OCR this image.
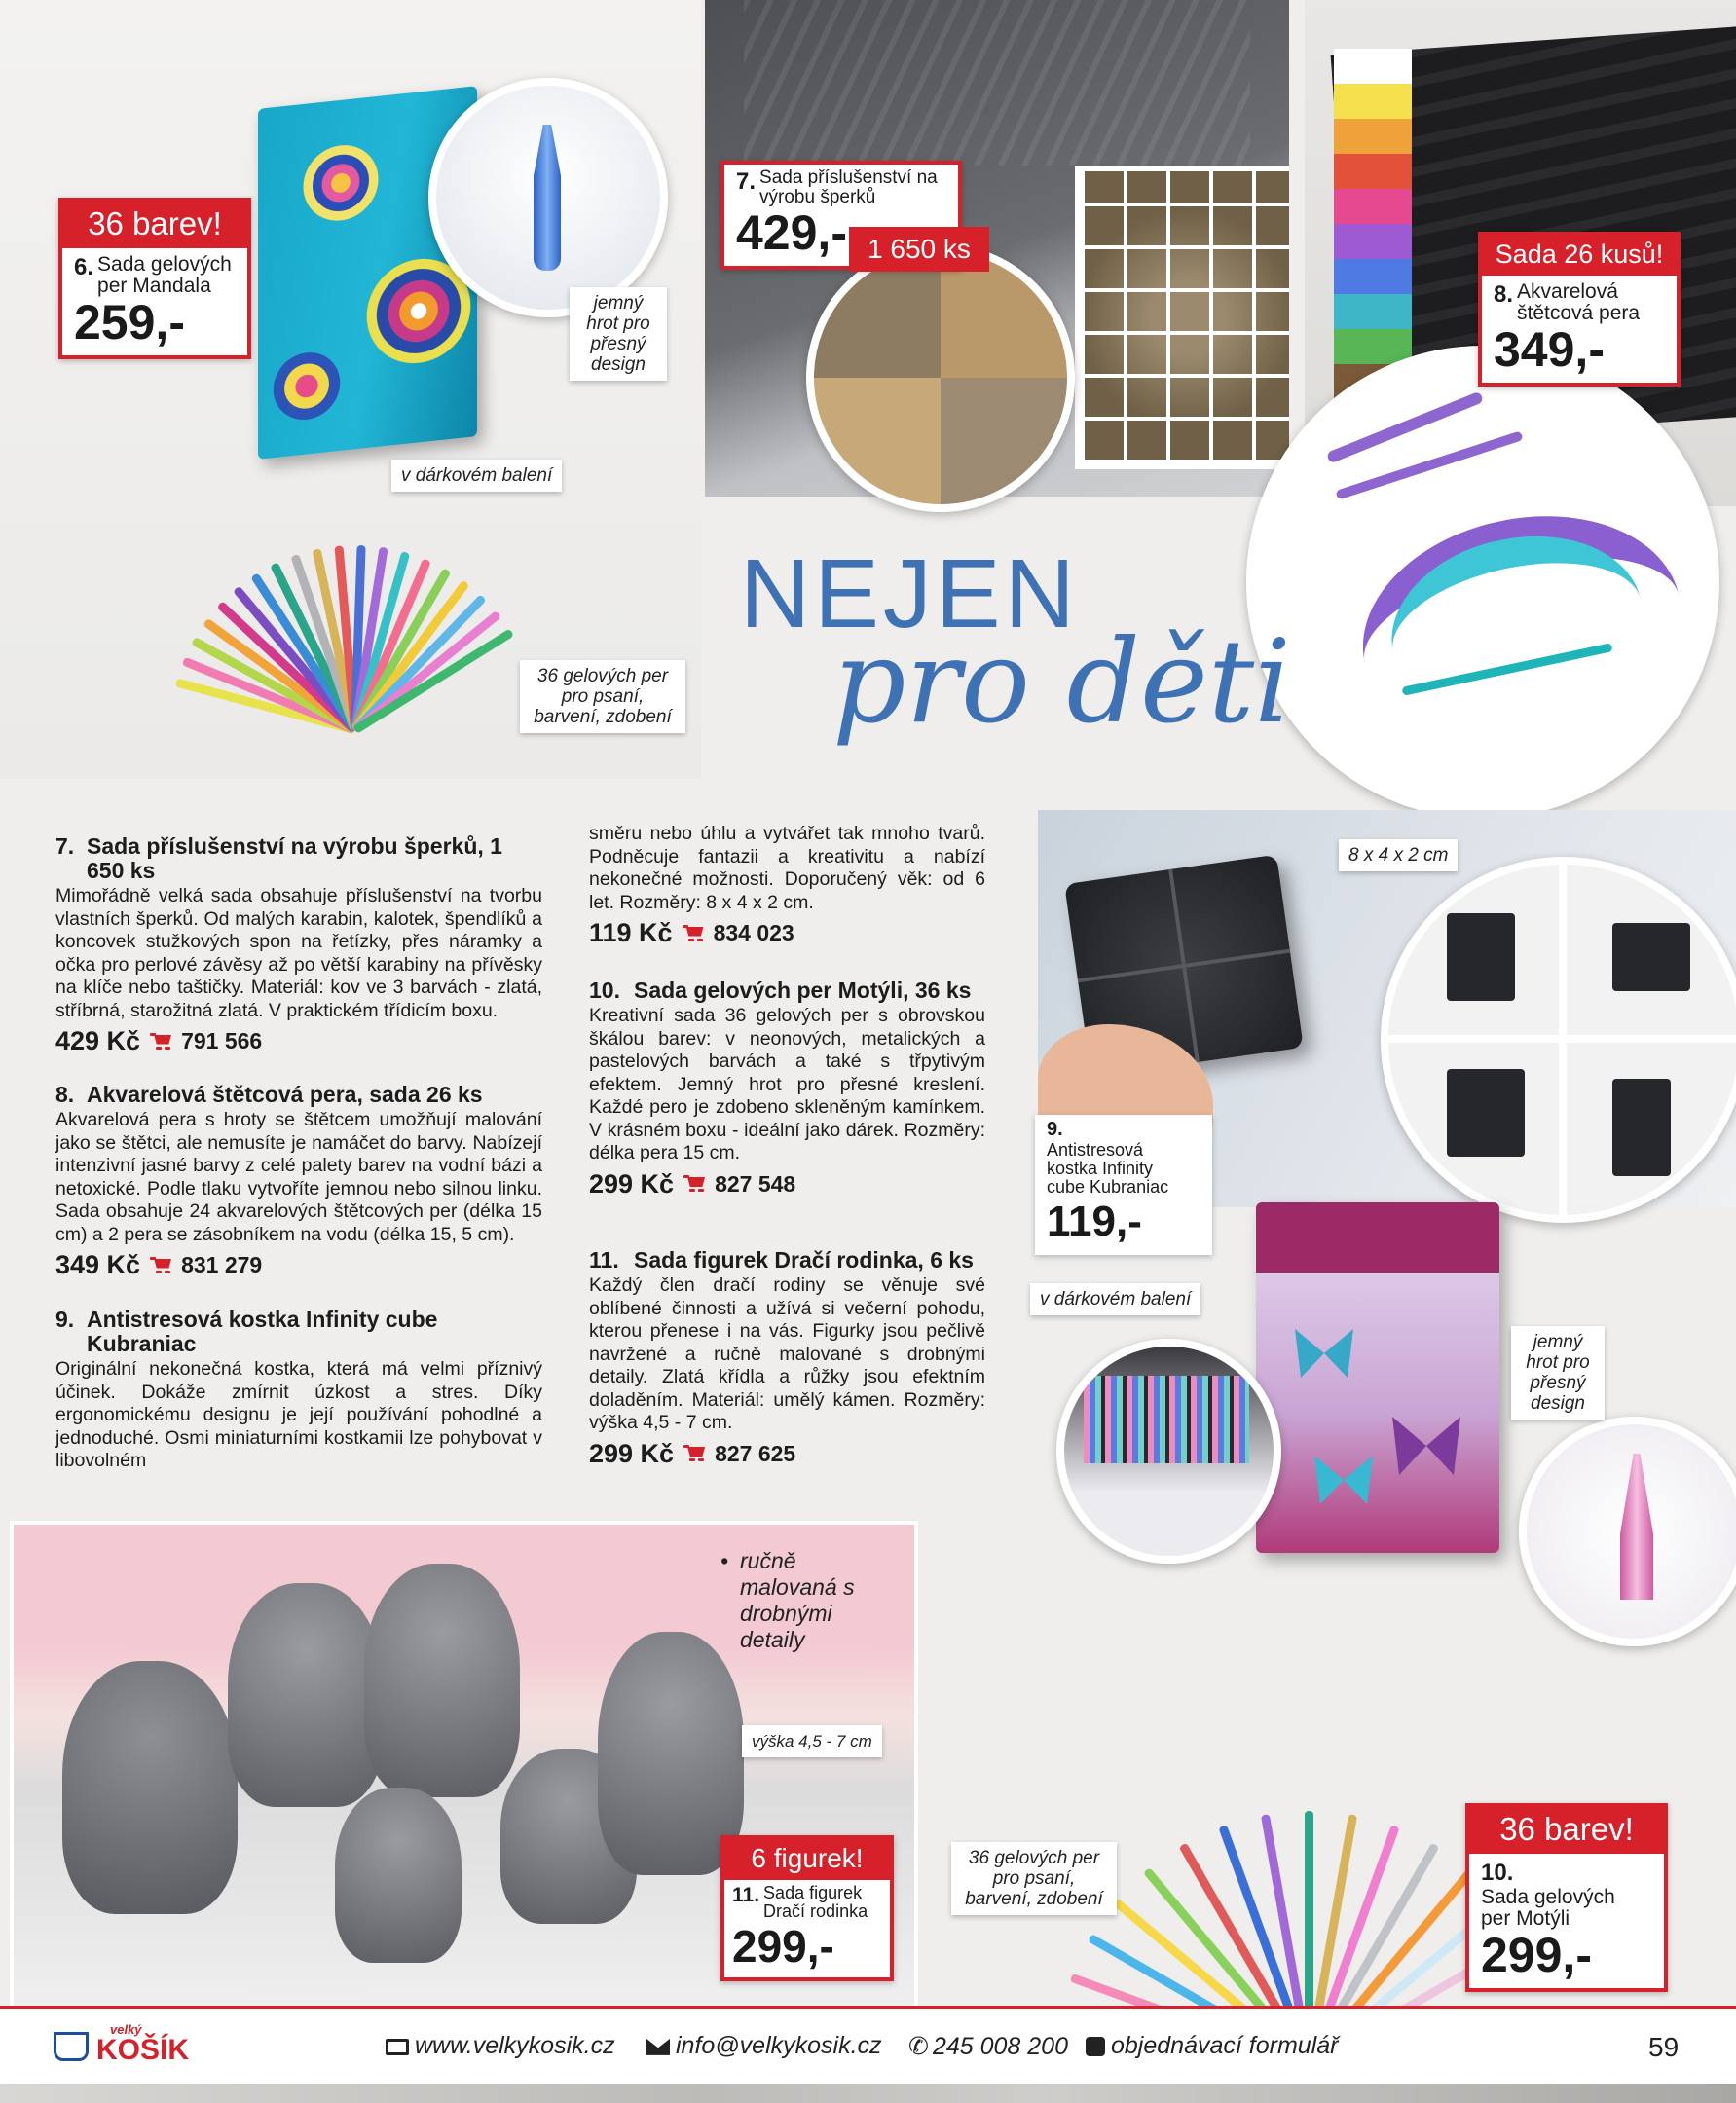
jemný hrot pro přesný design
v dárkovém balení
36 gelových per pro psaní, barvení, zdobení
36 barev!
6. Sada gelových per Mandala
259,-
7. Sada příslušenství na výrobu šperků
429,- 1 650 ks	Sada 26 kusů!
8. Akvarelová štětcová pera
349,-
NEJEN
pro děti
7. Sada příslušenství na výrobu šperků, 1 650 ks

Mimořádně velká sada obsahuje příslušenství na tvorbu vlastních šperků. Od malých karabin, kalotek, špendlíků a koncovek stužkových spon na řetízky, přes náramky a očka pro perlové závěsy až po větší karabiny na přívěsky na klíče nebo taštičky. Materiál: kov ve 3 barvách - zlatá, stříbrná, starožitná zlatá. V praktickém třídicím boxu.

429 Kč 791 566
8. Akvarelová štětcová pera, sada 26 ks

Akvarelová pera s hroty se štětcem umožňují malování jako se štětci, ale nemusíte je namáčet do barvy. Nabízejí intenzivní jasné barvy z celé palety barev na vodní bázi a netoxické. Podle tlaku vytvoříte jemnou nebo silnou linku. Sada obsahuje 24 akvarelových štětcových per (délka 15 cm) a 2 pera se zásobníkem na vodu (délka 15, 5 cm).

349 Kč 831 279
9. Antistresová kostka Infinity cube Kubraniac

Originální nekonečná kostka, která má velmi příznivý účinek. Dokáže zmírnit úzkost a stres. Díky ergonomickému designu je její používání pohodlné a jednoduché. Osmi miniaturními kostkamii lze pohybovat v libovolném

směru nebo úhlu a vytvářet tak mnoho tvarů. Podněcuje fantazii a kreativitu a nabízí nekonečné možnosti. Doporučený věk: od 6 let. Rozměry: 8 x 4 x 2 cm.

119 Kč 834 023
10. Sada gelových per Motýli, 36 ks

Kreativní sada 36 gelových per s obrovskou škálou barev: v neonových, metalických a pastelových barvách a také s třpytivým efektem. Jemný hrot pro přesné kreslení. Každé pero je zdobeno skleněným kamínkem. V krásném boxu - ideální jako dárek. Rozměry: délka pera 15 cm.

299 Kč 827 548
11. Sada figurek Dračí rodinka, 6 ks

Každý člen dračí rodiny se věnuje své oblíbené činnosti a užívá si večerní pohodu, kterou přenese i na vás. Figurky jsou pečlivě navržené a ručně malované s drobnými detaily. Zlatá křídla a růžky jsou efektním doladěním. Materiál: umělý kámen. Rozměry: výška 4,5 - 7 cm.

299 Kč 827 625
8 x 4 x 2 cm
9.Antistresová kostka Infinity cube Kubraniac
119,-
v dárkovém balení
jemný hrot pro přesný design
36 gelových per pro psaní, barvení, zdobení
36 barev!
10.Sada gelových per Motýli
299,-
• ručně malovaná s drobnými detaily
výška 4,5 - 7 cm
6 figurek!
11. Sada figurek Dračí rodinka
299,-
velký
KOŠÍK	www.velkykosik.cz	info@velkykosik.cz ✆ 245 008 200	objednávací formulář	59
